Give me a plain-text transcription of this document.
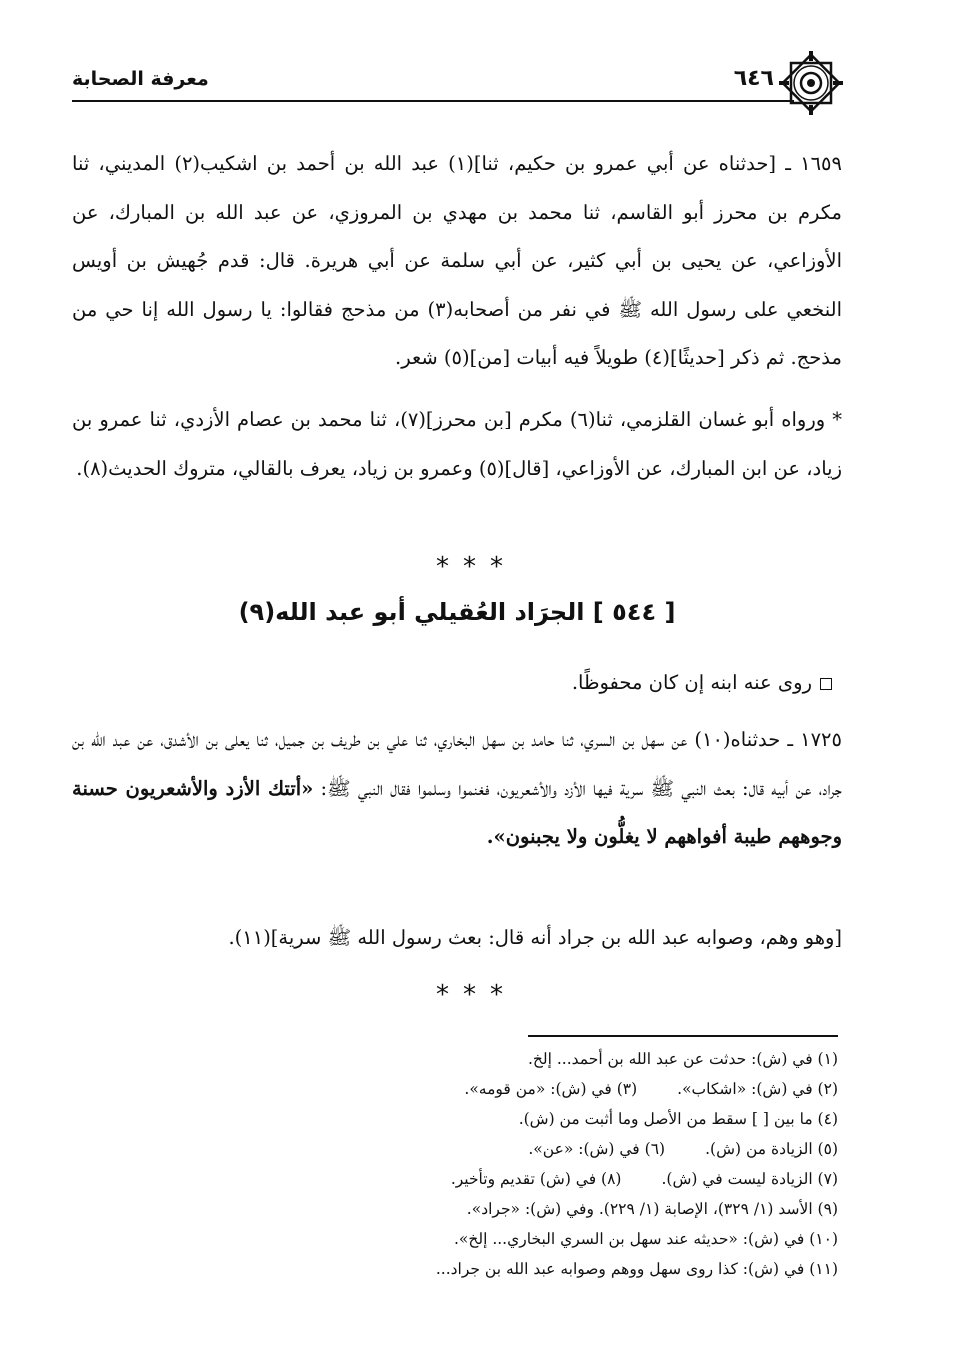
معرفة الصحابة	٦٤٦

١٦٥٩ ـ [حدثناه عن أبي عمرو بن حكيم، ثنا](١) عبد الله بن أحمد بن اشكيب(٢) المديني، ثنا مكرم بن محرز أبو القاسم، ثنا محمد بن مهدي بن المروزي، عن عبد الله بن المبارك، عن الأوزاعي، عن يحيى بن أبي كثير، عن أبي سلمة عن أبي هريرة. قال: قدم جُهيش بن أويس النخعي على رسول الله ﷺ في نفر من أصحابه(٣) من مذحج فقالوا: يا رسول الله إنا حي من مذحج. ثم ذكر [حديثًا](٤) طويلاً فيه أبيات [من](٥) شعر.

* ورواه أبو غسان القلزمي، ثنا(٦) مكرم [بن محرز](٧)، ثنا محمد بن عصام الأزدي، ثنا عمرو بن زياد، عن ابن المبارك، عن الأوزاعي، [قال](٥) وعمرو بن زياد، يعرف بالقالي، متروك الحديث(٨).

***
[ ٥٤٤ ] الجرَاد العُقيلي أبو عبد الله(٩)
روى عنه ابنه إن كان محفوظًا.

١٧٢٥ ـ حدثناه(١٠) عن سهل بن السري، ثنا حامد بن سهل البخاري، ثنا علي بن طريف بن جميل، ثنا يعلى بن الأشدق، عن عبد الله بن جراد، عن أبيه قال: بعث النبي ﷺ سرية فيها الأزد والأشعريون، فغنموا وسلموا فقال النبي ﷺ: «أتتك الأزد والأشعريون حسنة وجوههم طيبة أفواههم لا يغلُّون ولا يجبنون».

[وهو وهم، وصوابه عبد الله بن جراد أنه قال: بعث رسول الله ﷺ سرية](١١).

***
(١) في (ش): حدثت عن عبد الله بن أحمد... إلخ.
(٢) في (ش): «اشكاب».(٣) في (ش): «من قومه».
(٤) ما بين [ ] سقط من الأصل وما أثبت من (ش).
(٥) الزيادة من (ش).(٦) في (ش): «عن».
(٧) الزيادة ليست في (ش).(٨) في (ش) تقديم وتأخير.
(٩) الأسد (١/ ٣٢٩)، الإصابة (١/ ٢٢٩). وفي (ش): «جراد».
(١٠) في (ش): «حديثه عند سهل بن السري البخاري... إلخ».
(١١) في (ش): كذا روى سهل ووهم وصوابه عبد الله بن جراد...
